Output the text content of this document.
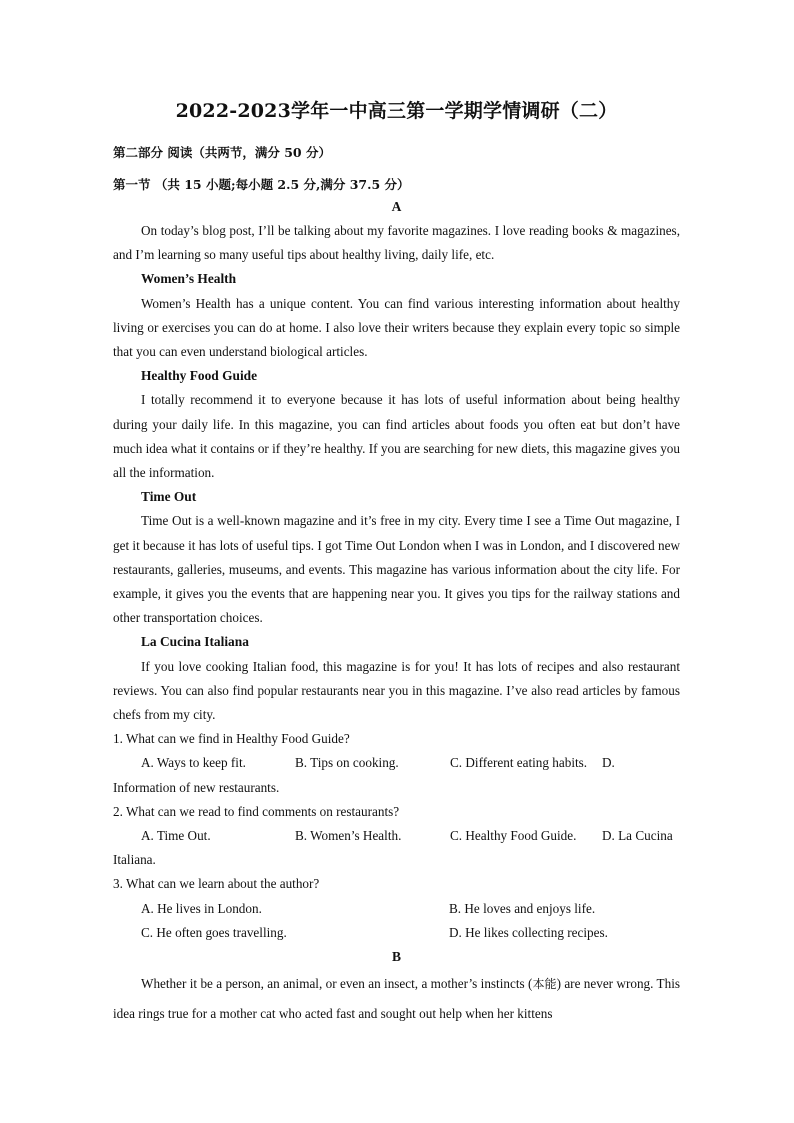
2022-2023学年一中高三第一学期学情调研（二）
第二部分 阅读（共两节，满分 50 分）
第一节 （共 15 小题;每小题 2.5 分,满分 37.5 分）
A

On today’s blog post, I’ll be talking about my favorite magazines. I love reading books & magazines, and I’m learning so many useful tips about healthy living, daily life, etc.

Women’s Health

Women’s Health has a unique content. You can find various interesting information about healthy living or exercises you can do at home. I also love their writers because they explain every topic so simple that you can even understand biological articles.

Healthy Food Guide

I totally recommend it to everyone because it has lots of useful information about being healthy during your daily life. In this magazine, you can find articles about foods you often eat but don’t have much idea what it contains or if they’re healthy. If you are searching for new diets, this magazine gives you all the information.

Time Out

Time Out is a well-known magazine and it’s free in my city. Every time I see a Time Out magazine, I get it because it has lots of useful tips. I got Time Out London when I was in London, and I discovered new restaurants, galleries, museums, and events. This magazine has various information about the city life. For example, it gives you the events that are happening near you. It gives you tips for the railway stations and other transportation choices.

La Cucina Italiana

If you love cooking Italian food, this magazine is for you! It has lots of recipes and also restaurant reviews. You can also find popular restaurants near you in this magazine. I’ve also read articles by famous chefs from my city.

1. What can we find in Healthy Food Guide?
A. Ways to keep fit.	B. Tips on cooking.	C. Different eating habits. D.
Information of new restaurants.
2. What can we read to find comments on restaurants?
A. Time Out.	B. Women’s Health.	C. Healthy Food Guide. D. La Cucina
Italiana.
3. What can we learn about the author?
A. He lives in London.	B. He loves and enjoys life.
C. He often goes travelling.	D. He likes collecting recipes.
B

Whether it be a person, an animal, or even an insect, a mother’s instincts (本能) are never wrong. This idea rings true for a mother cat who acted fast and sought out help when her kittens
